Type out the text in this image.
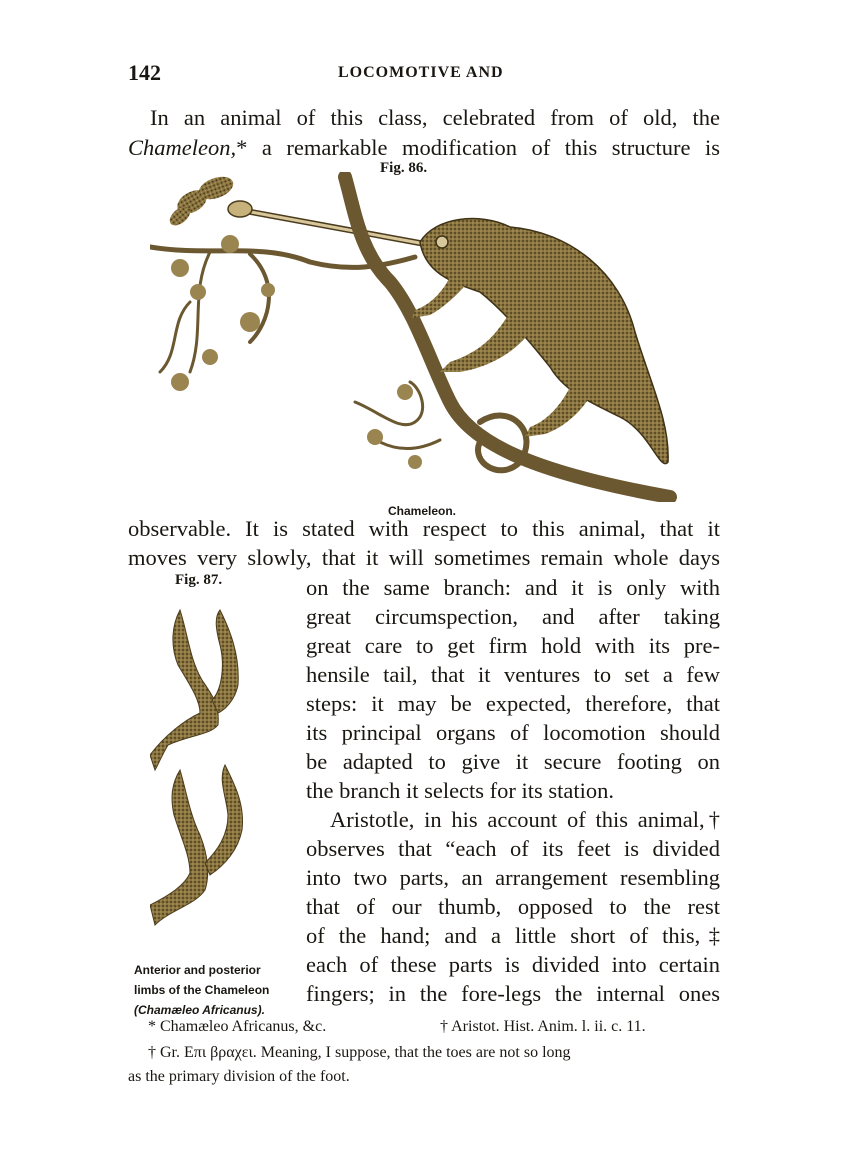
142	LOCOMOTIVE AND
In an animal of this class, celebrated from of old, the
Chameleon,* a remarkable modification of this structure is
Fig. 86.
Chameleon.
observable. It is stated with respect to this animal, that it
moves very slowly, that it will sometimes remain whole days
Fig. 87.
Anterior and posterior
limbs of the Chameleon
(Chamæleo Africanus).
on the same branch: and it is only with
great circumspection, and after taking
great care to get firm hold with its pre-
hensile tail, that it ventures to set a few
steps: it may be expected, therefore, that
its principal organs of locomotion should
be adapted to give it secure footing on
the branch it selects for its station.
Aristotle, in his account of this animal,†
observes that “each of its feet is divided
into two parts, an arrangement resembling
that of our thumb, opposed to the rest
of the hand; and a little short of this,‡
each of these parts is divided into certain
fingers; in the fore-legs the internal ones
* Chamæleo Africanus, &c.	† Aristot. Hist. Anim. l. ii. c. 11.
† Gr. Επι βραχει. Meaning, I suppose, that the toes are not so long
as the primary division of the foot.
